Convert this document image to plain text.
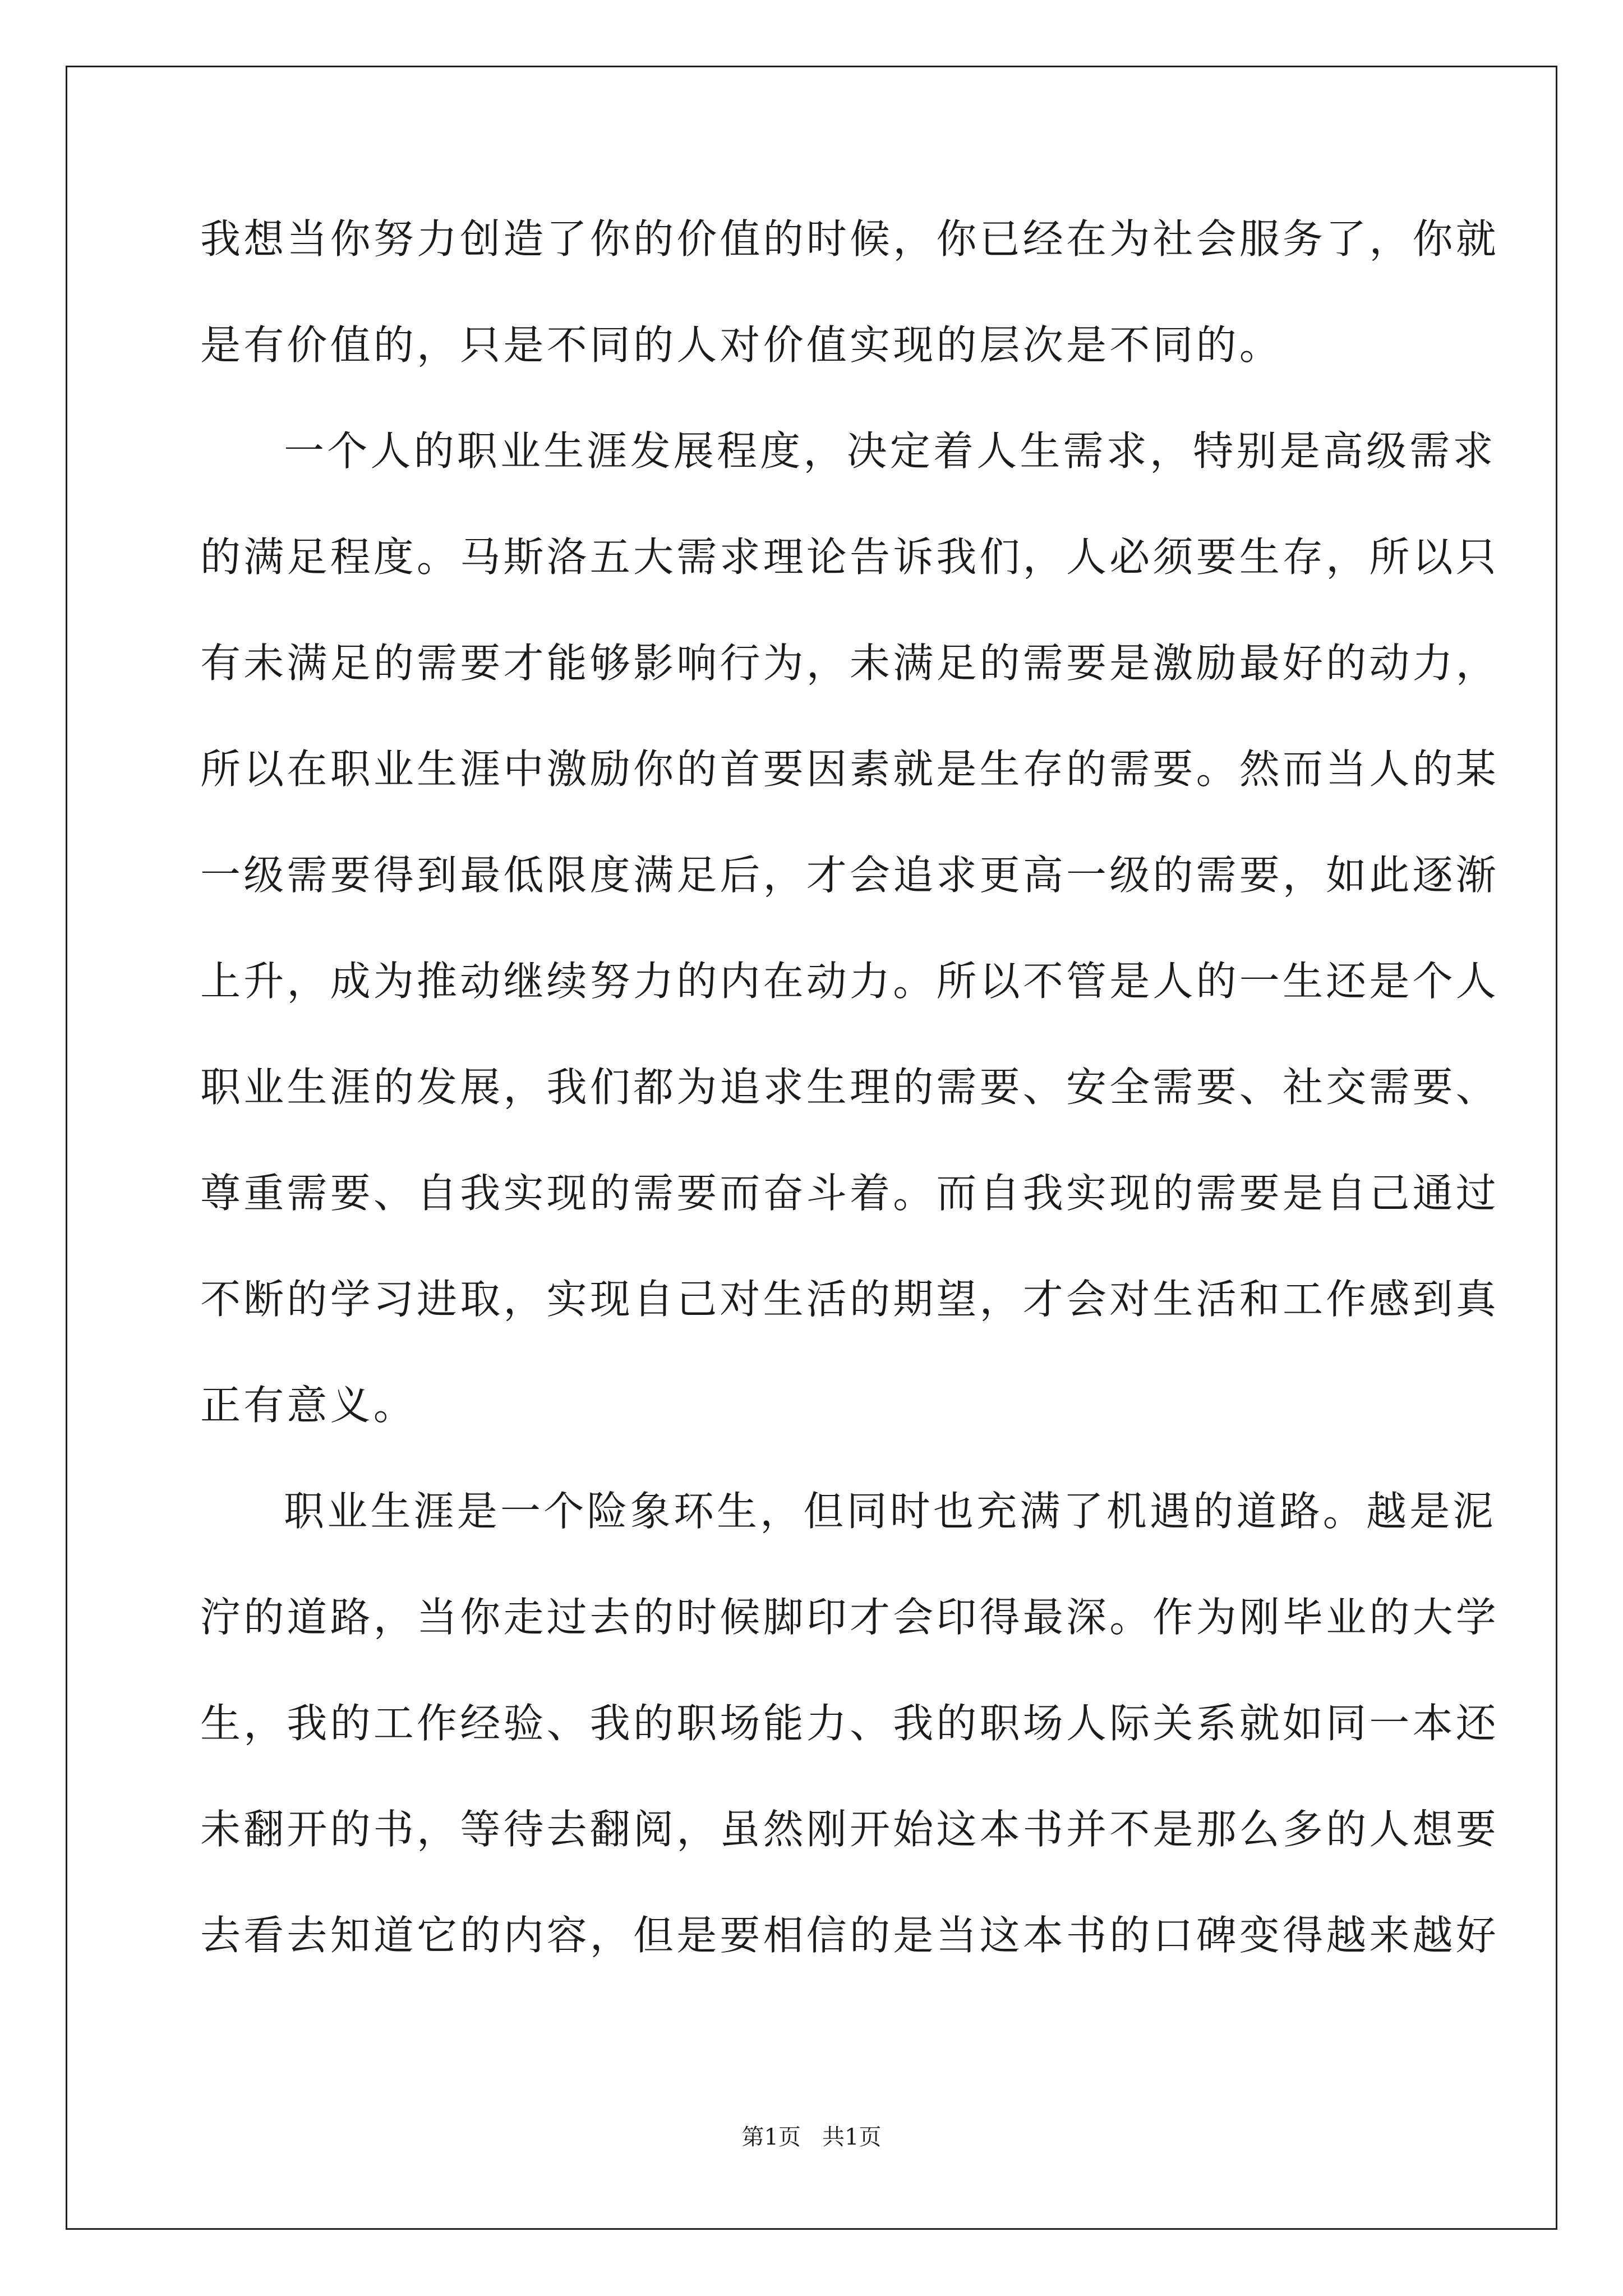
我想当你努力创造了你的价值的时候，你已经在为社会服务了，你就
是有价值的，只是不同的人对价值实现的层次是不同的。
一个人的职业生涯发展程度，决定着人生需求，特别是高级需求
的满足程度。马斯洛五大需求理论告诉我们，人必须要生存，所以只
有未满足的需要才能够影响行为，未满足的需要是激励最好的动力，
所以在职业生涯中激励你的首要因素就是生存的需要。然而当人的某
一级需要得到最低限度满足后，才会追求更高一级的需要，如此逐渐
上升，成为推动继续努力的内在动力。所以不管是人的一生还是个人
职业生涯的发展，我们都为追求生理的需要、安全需要、社交需要、
尊重需要、自我实现的需要而奋斗着。而自我实现的需要是自己通过
不断的学习进取，实现自己对生活的期望，才会对生活和工作感到真
正有意义。
职业生涯是一个险象环生，但同时也充满了机遇的道路。越是泥
泞的道路，当你走过去的时候脚印才会印得最深。作为刚毕业的大学
生，我的工作经验、我的职场能力、我的职场人际关系就如同一本还
未翻开的书，等待去翻阅，虽然刚开始这本书并不是那么多的人想要
去看去知道它的内容，但是要相信的是当这本书的口碑变得越来越好
第1页   共1页
